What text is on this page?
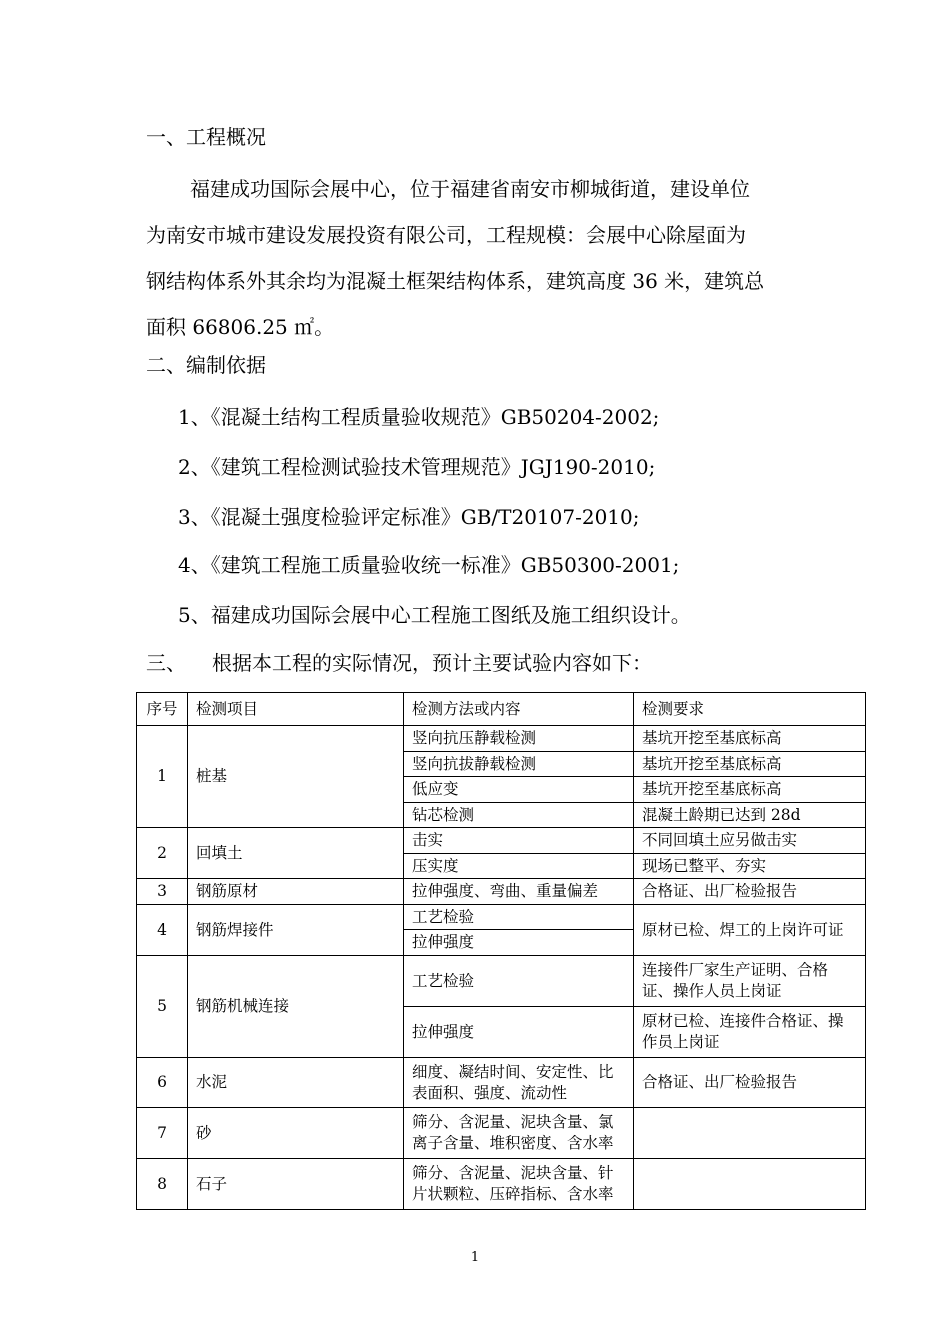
一、工程概况
福建成功国际会展中心，位于福建省南安市柳城街道，建设单位
为南安市城市建设发展投资有限公司，工程规模：会展中心除屋面为
钢结构体系外其余均为混凝土框架结构体系，建筑高度 36 米，建筑总
面积 66806.25 ㎡。
二、编制依据
1、《混凝土结构工程质量验收规范》GB50204-2002;
2、《建筑工程检测试验技术管理规范》JGJ190-2010;
3、《混凝土强度检验评定标准》GB/T20107-2010;
4、《建筑工程施工质量验收统一标准》GB50300-2001;
5、福建成功国际会展中心工程施工图纸及施工组织设计。
三、 根据本工程的实际情况，预计主要试验内容如下：
序号	检测项目	检测方法或内容	检测要求
1	桩基	竖向抗压静载检测	基坑开挖至基底标高
		竖向抗拔静载检测	基坑开挖至基底标高
		低应变	基坑开挖至基底标高
		钻芯检测	混凝土龄期已达到 28d
2	回填土	击实	不同回填土应另做击实
		压实度	现场已整平、夯实
3	钢筋原材	拉伸强度、弯曲、重量偏差	合格证、出厂检验报告
4	钢筋焊接件	工艺检验	原材已检、焊工的上岗许可证
		拉伸强度	
5	钢筋机械连接	工艺检验	连接件厂家生产证明、合格证、操作人员上岗证
		拉伸强度	原材已检、连接件合格证、操作员上岗证
6	水泥	细度、凝结时间、安定性、比表面积、强度、流动性	合格证、出厂检验报告
7	砂	筛分、含泥量、泥块含量、氯离子含量、堆积密度、含水率	
8	石子	筛分、含泥量、泥块含量、针片状颗粒、压碎指标、含水率	
1
